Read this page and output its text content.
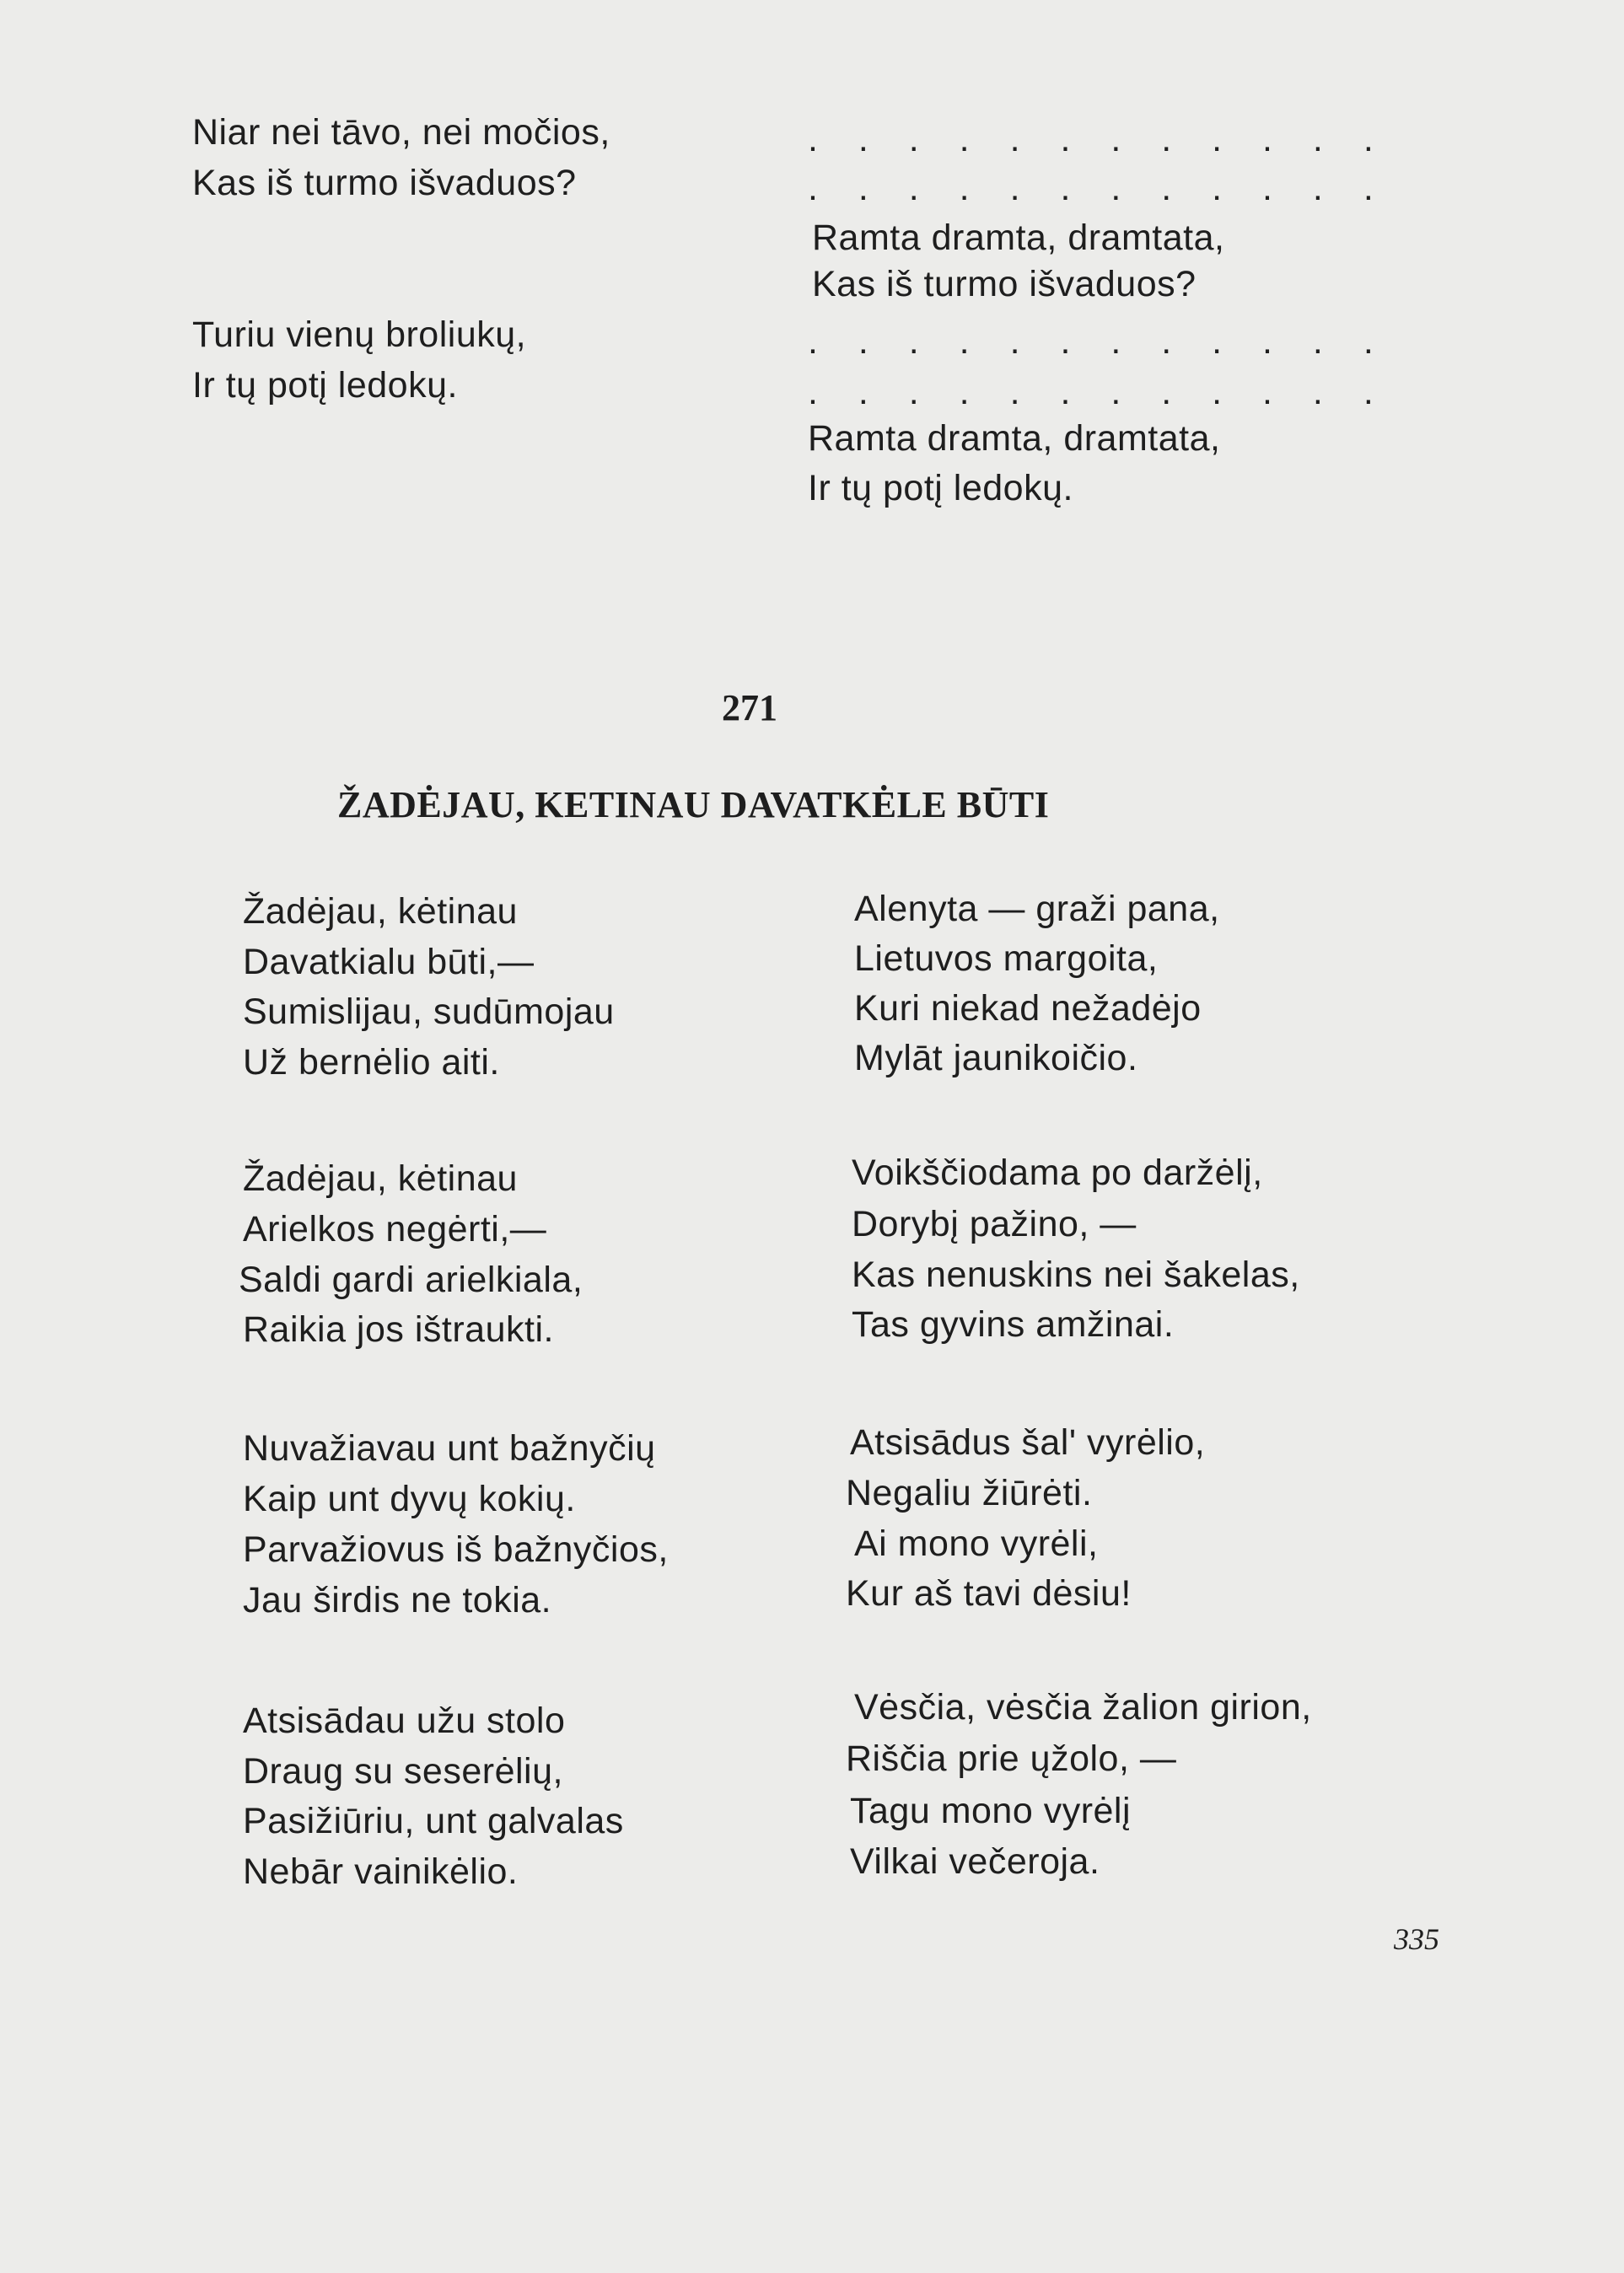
Niar nei tāvo, nei močios,
Kas iš turmo išvaduos?
Turiu vienų broliukų,
Ir tų potį ledokų.
. . . . . . . . . . . .
. . . . . . . . . . . .
Ramta dramta, dramtata,
Kas iš turmo išvaduos?
. . . . . . . . . . . .
. . . . . . . . . . . .
Ramta dramta, dramtata,
Ir tų potį ledokų.
271
ŽADĖJAU, KETINAU DAVATKĖLE BŪTI
Žadėjau, kėtinau
Davatkialu būti,—
Sumislijau, sudūmojau
Už bernėlio aiti.
Alenyta — graži pana,
Lietuvos margoita,
Kuri niekad nežadėjo
Mylāt jaunikoičio.
Žadėjau, kėtinau
Arielkos negėrti,—
Saldi gardi arielkiala,
Raikia jos ištraukti.
Voikščiodama po daržėlį,
Dorybį pažino, —
Kas nenuskins nei šakelas,
Tas gyvins amžinai.
Nuvažiavau unt bažnyčių
Kaip unt dyvų kokių.
Parvažiovus iš bažnyčios,
Jau širdis ne tokia.
Atsisādus šal' vyrėlio,
Negaliu žiūrėti.
Ai mono vyrėli,
Kur aš tavi dėsiu!
Atsisādau užu stolo
Draug su seserėlių,
Pasižiūriu, unt galvalas
Nebār vainikėlio.
Vėsčia, vėsčia žalion girion,
Riščia prie ųžolo, —
Tagu mono vyrėlį
Vilkai večeroja.
335
